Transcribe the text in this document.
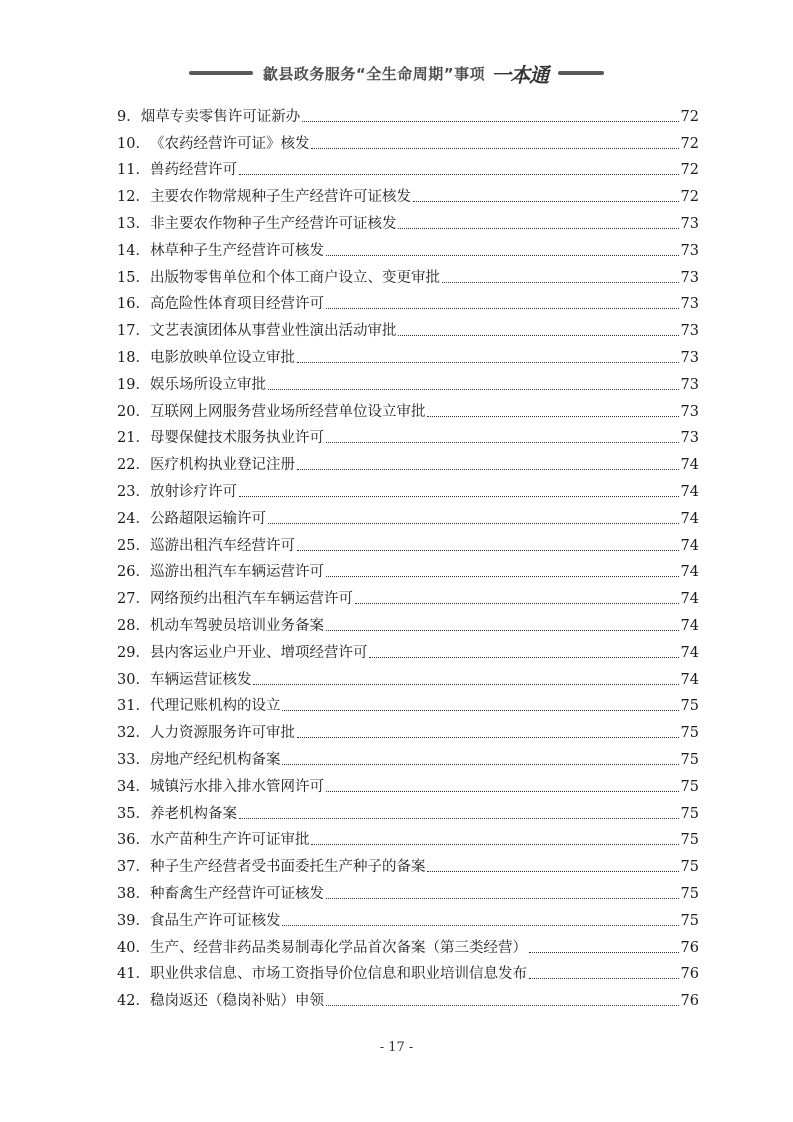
歙县政务服务“全生命周期”事项 一本通
9． 烟草专卖零售许可证新办	72
10． 《农药经营许可证》核发	72
11． 兽药经营许可	72
12． 主要农作物常规种子生产经营许可证核发	72
13． 非主要农作物种子生产经营许可证核发	73
14． 林草种子生产经营许可核发	73
15． 出版物零售单位和个体工商户设立、变更审批	73
16． 高危险性体育项目经营许可	73
17． 文艺表演团体从事营业性演出活动审批	73
18． 电影放映单位设立审批	73
19． 娱乐场所设立审批	73
20． 互联网上网服务营业场所经营单位设立审批	73
21． 母婴保健技术服务执业许可	73
22． 医疗机构执业登记注册	74
23． 放射诊疗许可	74
24． 公路超限运输许可	74
25． 巡游出租汽车经营许可	74
26． 巡游出租汽车车辆运营许可	74
27． 网络预约出租汽车车辆运营许可	74
28． 机动车驾驶员培训业务备案	74
29． 县内客运业户开业、增项经营许可	74
30． 车辆运营证核发	74
31． 代理记账机构的设立	75
32． 人力资源服务许可审批	75
33． 房地产经纪机构备案	75
34． 城镇污水排入排水管网许可	75
35． 养老机构备案	75
36． 水产苗种生产许可证审批	75
37． 种子生产经营者受书面委托生产种子的备案	75
38． 种畜禽生产经营许可证核发	75
39． 食品生产许可证核发	75
40． 生产、经营非药品类易制毒化学品首次备案（第三类经营）	76
41． 职业供求信息、市场工资指导价位信息和职业培训信息发布	76
42． 稳岗返还（稳岗补贴）申领	76
- 17 -
